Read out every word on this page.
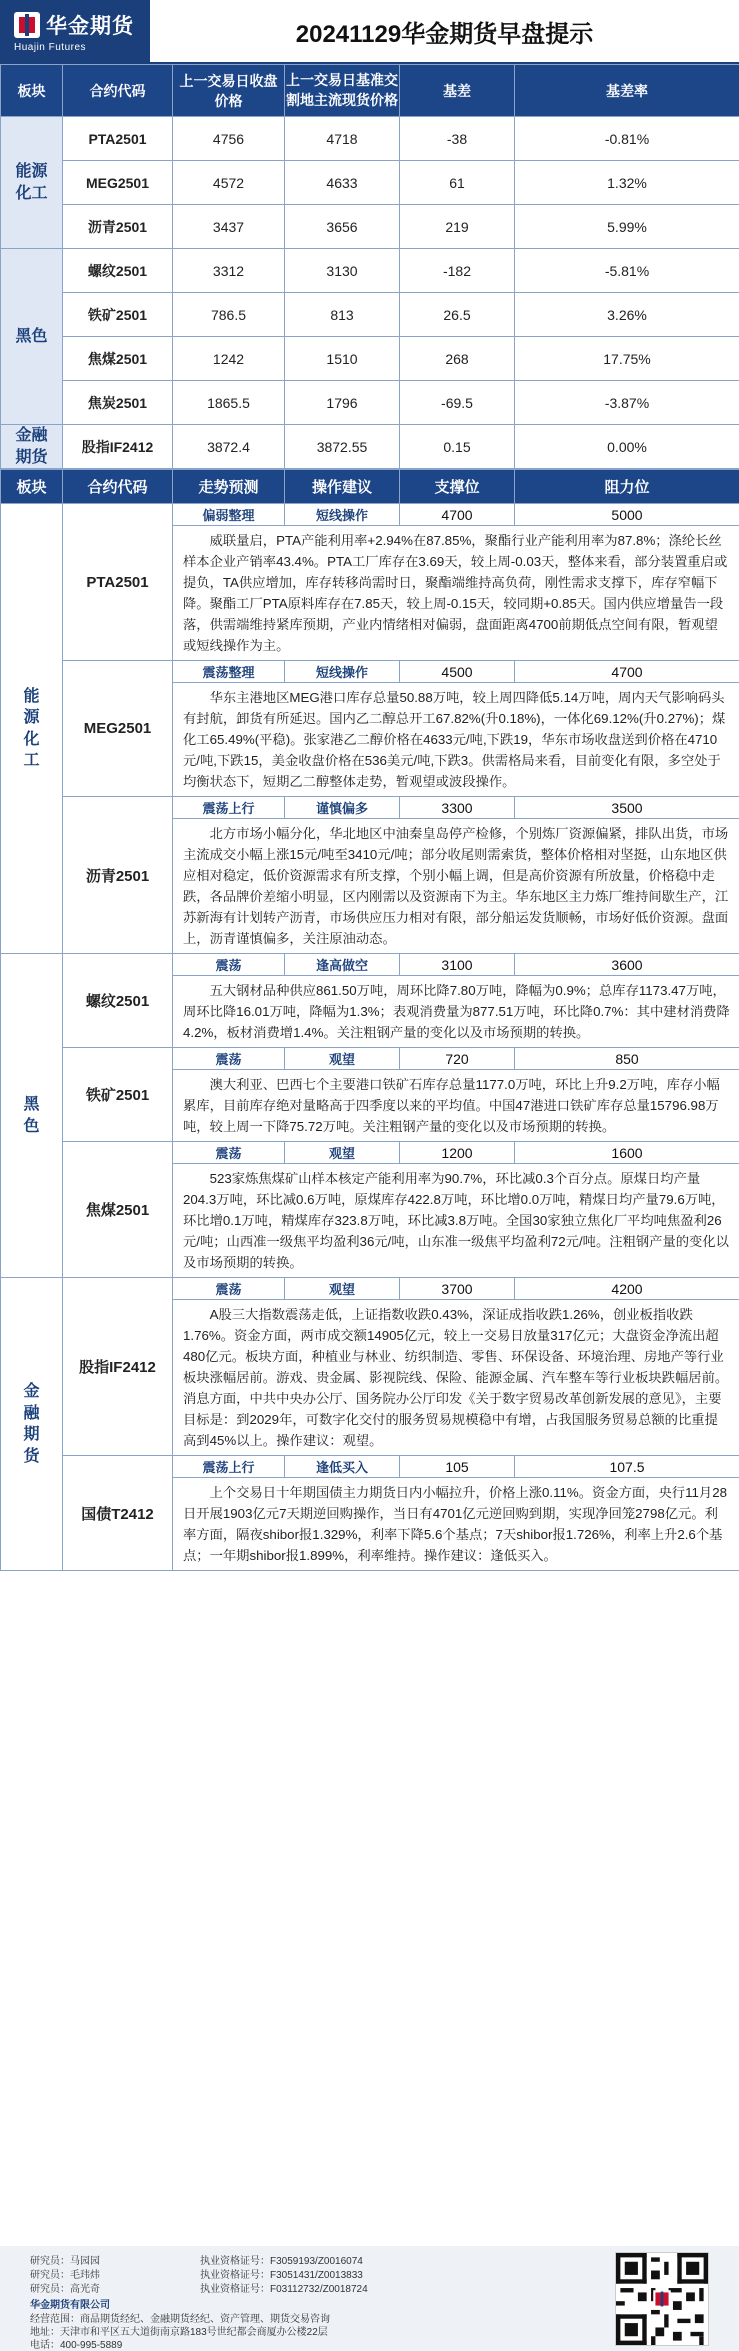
华金期货
Huajin Futures	20241129华金期货早盘提示
板块	合约代码	上一交易日收盘价格	上一交易日基准交割地主流现货价格	基差	基差率
能源化工	PTA2501	4756	4718	-38	-0.81%
	MEG2501	4572	4633	61	1.32%
	沥青2501	3437	3656	219	5.99%
黑色	螺纹2501	3312	3130	-182	-5.81%
	铁矿2501	786.5	813	26.5	3.26%
	焦煤2501	1242	1510	268	17.75%
	焦炭2501	1865.5	1796	-69.5	-3.87%
金融期货	股指IF2412	3872.4	3872.55	0.15	0.00%
板块	合约代码	走势预测	操作建议	支撑位	阻力位
能源化工	PTA2501	偏弱整理	短线操作	4700	5000
		威联量启，PTA产能利用率+2.94%在87.85%，聚酯行业产能利用率为87.8%；涤纶长丝样本企业产销率43.4%。PTA工厂库存在3.69天，较上周-0.03天，整体来看，部分装置重启或提负，TA供应增加，库存转移尚需时日，聚酯端维持高负荷，刚性需求支撑下，库存窄幅下降。聚酯工厂PTA原料库存在7.85天，较上周-0.15天，较同期+0.85天。国内供应增量告一段落，供需端维持紧库预期，产业内情绪相对偏弱，盘面距离4700前期低点空间有限，暂观望或短线操作为主。			
	MEG2501	震荡整理	短线操作	4500	4700
		华东主港地区MEG港口库存总量50.88万吨，较上周四降低5.14万吨，周内天气影响码头有封航，卸货有所延迟。国内乙二醇总开工67.82%(升0.18%)，一体化69.12%(升0.27%)；煤化工65.49%(平稳)。张家港乙二醇价格在4633元/吨,下跌19，华东市场收盘送到价格在4710元/吨,下跌15，美金收盘价格在536美元/吨,下跌3。供需格局来看，目前变化有限，多空处于均衡状态下，短期乙二醇整体走势，暂观望或波段操作。			
	沥青2501	震荡上行	谨慎偏多	3300	3500
		北方市场小幅分化，华北地区中油秦皇岛停产检修，个别炼厂资源偏紧，排队出货，市场主流成交小幅上涨15元/吨至3410元/吨；部分收尾则需索货，整体价格相对坚挺，山东地区供应相对稳定，低价资源需求有所支撑，个别小幅上调，但是高价资源有所放量，价格稳中走跌，各品牌价差缩小明显，区内刚需以及资源南下为主。华东地区主力炼厂维持间歇生产，江苏新海有计划转产沥青，市场供应压力相对有限，部分船运发货顺畅，市场好低价资源。盘面上，沥青谨慎偏多，关注原油动态。			
黑色	螺纹2501	震荡	逢高做空	3100	3600
		五大钢材品种供应861.50万吨，周环比降7.80万吨，降幅为0.9%；总库存1173.47万吨，周环比降16.01万吨，降幅为1.3%；表观消费量为877.51万吨，环比降0.7%：其中建材消费降4.2%，板材消费增1.4%。关注粗钢产量的变化以及市场预期的转换。			
	铁矿2501	震荡	观望	720	850
		澳大利亚、巴西七个主要港口铁矿石库存总量1177.0万吨，环比上升9.2万吨，库存小幅累库，目前库存绝对量略高于四季度以来的平均值。中国47港进口铁矿库存总量15796.98万吨，较上周一下降75.72万吨。关注粗钢产量的变化以及市场预期的转换。			
	焦煤2501	震荡	观望	1200	1600
		523家炼焦煤矿山样本核定产能利用率为90.7%，环比减0.3个百分点。原煤日均产量204.3万吨，环比减0.6万吨，原煤库存422.8万吨，环比增0.0万吨，精煤日均产量79.6万吨，环比增0.1万吨，精煤库存323.8万吨，环比减3.8万吨。全国30家独立焦化厂平均吨焦盈利26元/吨；山西准一级焦平均盈利36元/吨，山东准一级焦平均盈利72元/吨。注粗钢产量的变化以及市场预期的转换。			
金融期货	股指IF2412	震荡	观望	3700	4200
		A股三大指数震荡走低，上证指数收跌0.43%，深证成指收跌1.26%，创业板指收跌1.76%。资金方面，两市成交额14905亿元，较上一交易日放量317亿元；大盘资金净流出超480亿元。板块方面，种植业与林业、纺织制造、零售、环保设备、环境治理、房地产等行业板块涨幅居前。游戏、贵金属、影视院线、保险、能源金属、汽车整车等行业板块跌幅居前。消息方面，中共中央办公厅、国务院办公厅印发《关于数字贸易改革创新发展的意见》，主要目标是：到2029年，可数字化交付的服务贸易规模稳中有增，占我国服务贸易总额的比重提高到45%以上。操作建议：观望。			
	国债T2412	震荡上行	逢低买入	105	107.5
		上个交易日十年期国债主力期货日内小幅拉升，价格上涨0.11%。资金方面，央行11月28日开展1903亿元7天期逆回购操作，当日有4701亿元逆回购到期，实现净回笼2798亿元。利率方面，隔夜shibor报1.329%，利率下降5.6个基点；7天shibor报1.726%，利率上升2.6个基点；一年期shibor报1.899%，利率维持。操作建议：逢低买入。			
研究员：马园园	执业资格证号：F3059193/Z0016074
研究员：毛玮炜	执业资格证号：F3051431/Z0013833
研究员：高光奇	执业资格证号：F03112732/Z0018724
华金期货有限公司
经营范围：商品期货经纪、金融期货经纪、资产管理、期货交易咨询
地址：天津市和平区五大道街南京路183号世纪都会商厦办公楼22层
电话：400-995-5889
